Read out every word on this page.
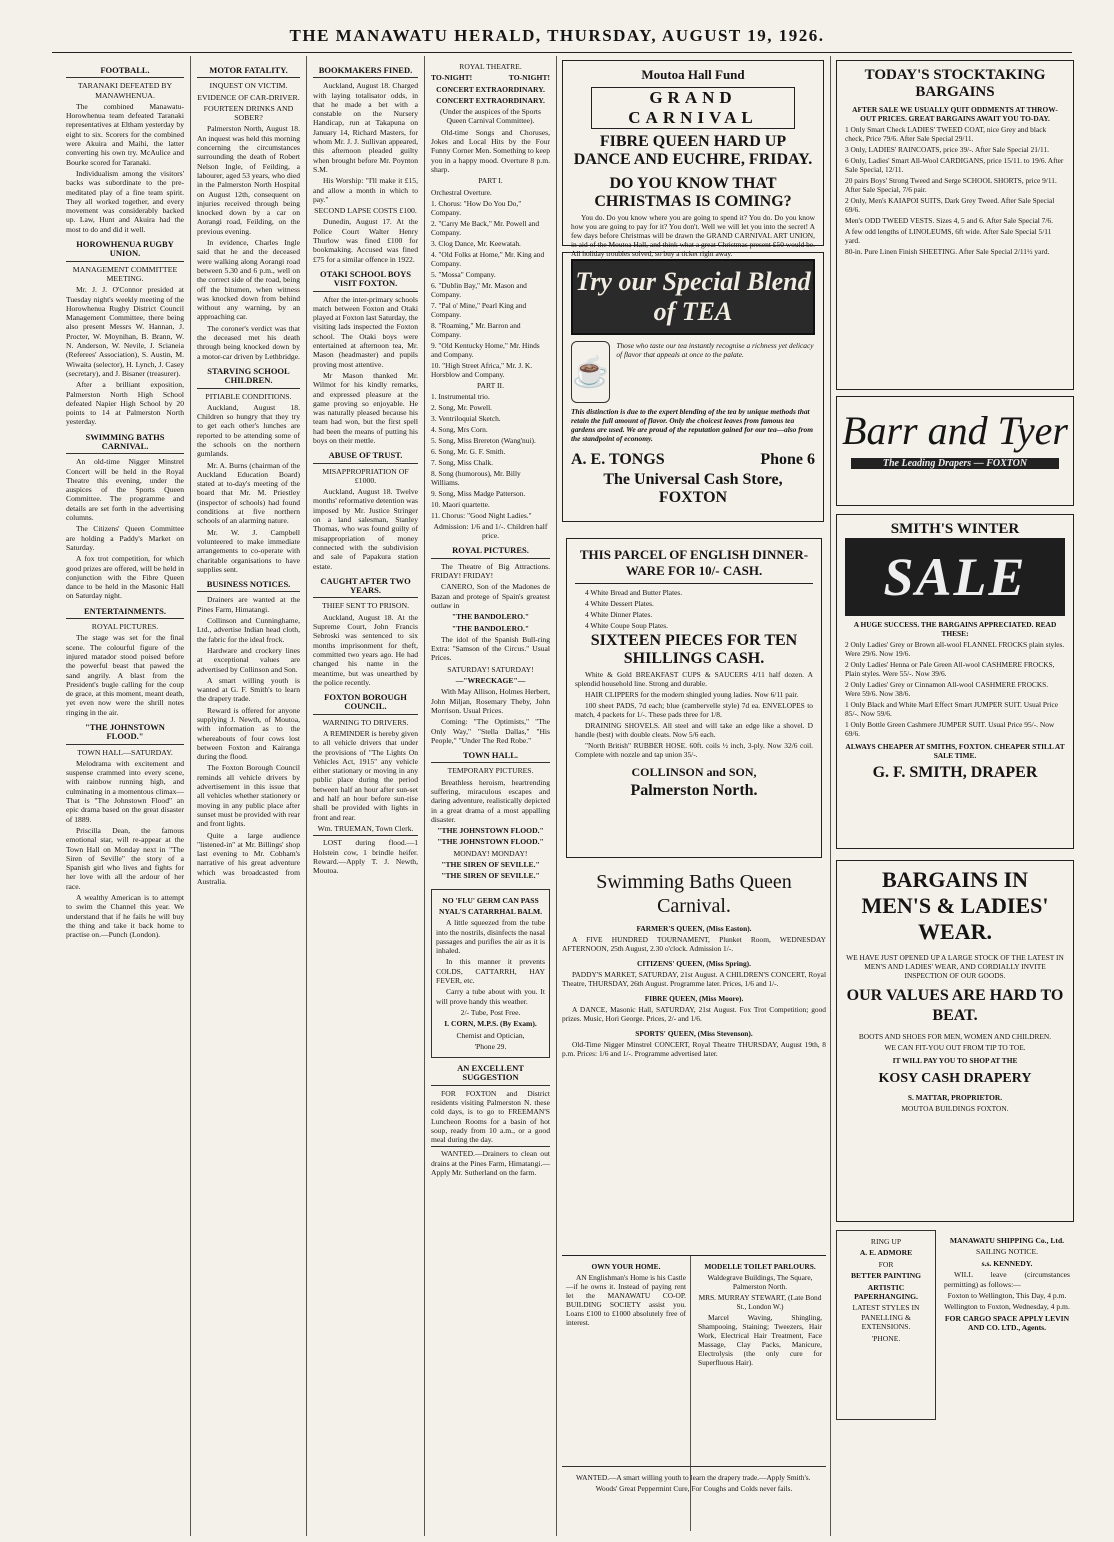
THE MANAWATU HERALD, THURSDAY, AUGUST 19, 1926.
FOOTBALL.
TARANAKI DEFEATED BY MANAWHENUA.
The combined Manawatu-Horowhenua team defeated Taranaki representatives at Eltham yesterday by eight to six. Scorers for the combined were Akuira and Maihi, the latter converting his own try. McAulice and Bourke scored for Taranaki.
Individualism among the visitors' backs was subordinate to the pre-meditated play of a fine team spirit. They all worked together, and every movement was considerably backed up. Law, Hunt and Akuira had the most to do and did it well.
HOROWHENUA RUGBY UNION.
MANAGEMENT COMMITTEE MEETING.
Mr. J. J. O'Connor presided at Tuesday night's weekly meeting of the Horowhenua Rugby District Council Management Committee, there being also present Messrs W. Hannan, J. Procter, W. Moynihan, B. Brann, W. N. Anderson, W. Nevile, J. Scianeia (Referees' Association), S. Austin, M. Wiwaita (selector), H. Lynch, J. Casey (secretary), and J. Bisaner (treasurer).
After a brilliant exposition, Palmerston North High School defeated Napier High School by 20 points to 14 at Palmerston North yesterday.
SWIMMING BATHS CARNIVAL.
An old-time Nigger Minstrel Concert will be held in the Royal Theatre this evening, under the auspices of the Sports Queen Committee. The programme and details are set forth in the advertising columns.
The Citizens' Queen Committee are holding a Paddy's Market on Saturday.
A fox trot competition, for which good prizes are offered, will be held in conjunction with the Fibre Queen dance to be held in the Masonic Hall on Saturday night.
ENTERTAINMENTS.
ROYAL PICTURES.
The stage was set for the final scene. The colourful figure of the injured matador stood poised before the powerful beast that pawed the sand angrily. A blast from the President's bugle calling for the coup de grace, at this moment, meant death, yet even now were the shrill notes ringing in the air.
"THE JOHNSTOWN FLOOD."
TOWN HALL—SATURDAY.
Melodrama with excitement and suspense crammed into every scene, with rainbow running high, and culminating in a momentous climax—That is "The Johnstown Flood" an epic drama based on the great disaster of 1889.
Priscilla Dean, the famous emotional star, will re-appear at the Town Hall on Monday next in "The Siren of Seville" the story of a Spanish girl who lives and fights for her love with all the ardour of her race.
A wealthy American is to attempt to swim the Channel this year. We understand that if he fails he will buy the thing and take it back home to practise on.—Punch (London).
MOTOR FATALITY.
INQUEST ON VICTIM.
EVIDENCE OF CAR-DRIVER.
FOURTEEN DRINKS AND SOBER?
Palmerston North, August 18. An inquest was held this morning concerning the circumstances surrounding the death of Robert Nelson Ingle, of Feilding, a labourer, aged 53 years, who died in the Palmerston North Hospital on August 12th, consequent on injuries received through being knocked down by a car on Aorangi road, Feilding, on the previous evening.
In evidence, Charles Ingle said that he and the deceased were walking along Aorangi road between 5.30 and 6 p.m., well on the correct side of the road, being off the bitumen, when witness was knocked down from behind without any warning, by an approaching car.
The coroner's verdict was that the deceased met his death through being knocked down by a motor-car driven by Lethbridge.
STARVING SCHOOL CHILDREN.
PITIABLE CONDITIONS.
Auckland, August 18. Children so hungry that they try to get each other's lunches are reported to be attending some of the schools on the northern gumlands.
Mr. A. Burns (chairman of the Auckland Education Board) stated at to-day's meeting of the board that Mr. M. Priestley (inspector of schools) had found conditions at five northern schools of an alarming nature.
Mr. W. J. Campbell volunteered to make immediate arrangements to co-operate with charitable organisations to have supplies sent.
BUSINESS NOTICES.
Drainers are wanted at the Pines Farm, Himatangi.
Collinson and Cunninghame, Ltd., advertise Indian head cloth, the fabric for the ideal frock.
Hardware and crockery lines at exceptional values are advertised by Collinson and Son.
A smart willing youth is wanted at G. F. Smith's to learn the drapery trade.
Reward is offered for anyone supplying J. Newth, of Moutoa, with information as to the whereabouts of four cows lost between Foxton and Kairanga during the flood.
The Foxton Borough Council reminds all vehicle drivers by advertisement in this issue that all vehicles whether stationery or moving in any public place after sunset must be provided with rear and front lights.
Quite a large audience "listened-in" at Mr. Billings' shop last evening to Mr. Cobham's narrative of his great adventure which was broadcasted from Australia.
BOOKMAKERS FINED.
Auckland, August 18. Charged with laying totalisator odds, in that he made a bet with a constable on the Nursery Handicap, run at Takapuna on January 14, Richard Masters, for whom Mr. J. J. Sullivan appeared, this afternoon pleaded guilty when brought before Mr. Poynton S.M.
His Worship: "I'll make it £15, and allow a month in which to pay."
SECOND LAPSE COSTS £100.
Dunedin, August 17. At the Police Court Walter Henry Thurlow was fined £100 for bookmaking. Accused was fined £75 for a similar offence in 1922.
OTAKI SCHOOL BOYS VISIT FOXTON.
After the inter-primary schools match between Foxton and Otaki played at Foxton last Saturday, the visiting lads inspected the Foxton school. The Otaki boys were entertained at afternoon tea, Mr. Mason (headmaster) and pupils proving most attentive.
Mr Mason thanked Mr. Wilmot for his kindly remarks, and expressed pleasure at the game proving so enjoyable. He was naturally pleased because his team had won, but the first spell had been the means of putting his boys on their mettle.
ABUSE OF TRUST.
MISAPPROPRIATION OF £1000.
Auckland, August 18. Twelve months' reformative detention was imposed by Mr. Justice Stringer on a land salesman, Stanley Thomas, who was found guilty of misappropriation of money connected with the subdivision and sale of Papakura station estate.
CAUGHT AFTER TWO YEARS.
THIEF SENT TO PRISON.
Auckland, August 18. At the Supreme Court, John Francis Sebroski was sentenced to six months imprisonment for theft, committed two years ago. He had changed his name in the meantime, but was unearthed by the police recently.
FOXTON BOROUGH COUNCIL.
WARNING TO DRIVERS.
A REMINDER is hereby given to all vehicle drivers that under the provisions of "The Lights On Vehicles Act, 1915" any vehicle either stationary or moving in any public place during the period between half an hour after sun-set and half an hour before sun-rise shall be provided with lights in front and rear.
Wm. TRUEMAN, Town Clerk.
LOST during flood.—1 Holstein cow, 1 brindle heifer. Reward.—Apply T. J. Newth, Moutoa.
ROYAL THEATRE.
TO-NIGHT!	TO-NIGHT!
CONCERT EXTRAORDINARY.
CONCERT EXTRAORDINARY.
(Under the auspices of the Sports Queen Carnival Committee).
Old-time Songs and Choruses, Jokes and Local Hits by the Four Funny Corner Men. Something to keep you in a happy mood. Overture 8 p.m. sharp.
PART I.
Orchestral Overture.
1. Chorus: "How Do You Do," Company.
2. "Carry Me Back," Mr. Powell and Company.
3. Clog Dance, Mr. Keewatah.
4. "Old Folks at Home," Mr. King and Company.
5. "Mossa" Company.
6. "Dublin Bay," Mr. Mason and Company.
7. "Pal o' Mine," Pearl King and Company.
8. "Roaming," Mr. Barron and Company.
9. "Old Kentucky Home," Mr. Hinds and Company.
10. "High Street Africa," Mr. J. K. Horsblow and Company.
PART II.
1. Instrumental trio.
2. Song, Mr. Powell.
3. Ventriloquial Sketch.
4. Song, Mrs Corn.
5. Song, Miss Brereton (Wang'nui).
6. Song, Mr. G. F. Smith.
7. Song, Miss Chalk.
8. Song (humorous), Mr. Billy Williams.
9. Song, Miss Madge Patterson.
10. Maori quartette.
11. Chorus: "Good Night Ladies."
Admission: 1/6 and 1/-. Children half price.
ROYAL PICTURES.
The Theatre of Big Attractions. FRIDAY! FRIDAY!
CANERO, Son of the Madones de Bazan and protege of Spain's greatest outlaw in
"THE BANDOLERO."
"THE BANDOLERO."
The idol of the Spanish Bull-ring Extra: "Samson of the Circus." Usual Prices.
SATURDAY! SATURDAY!
—"WRECKAGE"—
With May Allison, Holmes Herbert, John Miljan, Rosemary Theby, John Morrison. Usual Prices.
Coming: "The Optimists," "The Only Way," "Stella Dallas," "His People," "Under The Red Robe."
TOWN HALL.
TEMPORARY PICTURES.
Breathless heroism, heartrending suffering, miraculous escapes and daring adventure, realistically depicted in a great drama of a most appalling disaster.
"THE JOHNSTOWN FLOOD."
"THE JOHNSTOWN FLOOD."
MONDAY! MONDAY!
"THE SIREN OF SEVILLE."
"THE SIREN OF SEVILLE."
NO 'FLU' GERM CAN PASS
NYAL'S CATARRHAL BALM.
A little squeezed from the tube into the nostrils, disinfects the nasal passages and purifies the air as it is inhaled.
In this manner it prevents COLDS, CATTARRH, HAY FEVER, etc.
Carry a tube about with you. It will prove handy this weather.
2/- Tube, Post Free.
I. CORN, M.P.S. (By Exam).
Chemist and Optician,
'Phone 29.
AN EXCELLENT SUGGESTION
FOR FOXTON and District residents visiting Palmerston N. these cold days, is to go to FREEMAN'S Luncheon Rooms for a basin of hot soup, ready from 10 a.m., or a good meal during the day.
WANTED.—Drainers to clean out drains at the Pines Farm, Himatangi.—Apply Mr. Sutherland on the farm.
Moutoa Hall Fund
GRAND CARNIVAL
FIBRE QUEEN HARD UP DANCE AND EUCHRE, FRIDAY.
DO YOU KNOW THAT CHRISTMAS IS COMING?
You do. Do you know where you are going to spend it? You do. Do you know how you are going to pay for it? You don't. Well we will let you into the secret! A few days before Christmas will be drawn the GRAND CARNIVAL ART UNION, in aid of the Moutoa Hall, and think what a great Christmas present £50 would be. All holiday troubles solved, so buy a ticket right away.
Try our Special Blend of TEA
☕
Those who taste our tea instantly recognise a richness yet delicacy of flavor that appeals at once to the palate.
This distinction is due to the expert blending of the tea by unique methods that retain the full amount of flavor. Only the choicest leaves from famous tea gardens are used. We are proud of the reputation gained for our tea—also from the standpoint of economy.
A. E. TONGS	Phone 6
The Universal Cash Store, FOXTON
THIS PARCEL OF ENGLISH DINNER-WARE FOR 10/- CASH.
4 White Bread and Butter Plates.
4 White Dessert Plates.
4 White Dinner Plates.
4 White Coupe Soup Plates.
SIXTEEN PIECES FOR TEN SHILLINGS CASH.
White & Gold BREAKFAST CUPS & SAUCERS 4/11 half dozen. A splendid household line. Strong and durable.
HAIR CLIPPERS for the modern shingled young ladies. Now 6/11 pair.
100 sheet PADS, 7d each; blue (cambervelle style) 7d ea. ENVELOPES to match, 4 packets for 1/-. These pads three for 1/8.
DRAINING SHOVELS. All steel and will take an edge like a shovel. D handle (best) with double cleats. Now 5/6 each.
"North British" RUBBER HOSE. 60ft. coils ½ inch, 3-ply. Now 32/6 coil. Complete with nozzle and tap union 35/-.
COLLINSON and SON,
Palmerston North.
Swimming Baths Queen Carnival.
FARMER'S QUEEN, (Miss Easton).
A FIVE HUNDRED TOURNAMENT, Plunket Room, WEDNESDAY AFTERNOON, 25th August, 2.30 o'clock. Admission 1/-.
CITIZENS' QUEEN, (Miss Spring).
PADDY'S MARKET, SATURDAY, 21st August. A CHILDREN'S CONCERT, Royal Theatre, THURSDAY, 26th August. Programme later. Prices, 1/6 and 1/-.
FIBRE QUEEN, (Miss Moore).
A DANCE, Masonic Hall, SATURDAY, 21st August. Fox Trot Competition; good prizes. Music, Hori George. Prices, 2/- and 1/6.
SPORTS' QUEEN, (Miss Stevenson).
Old-Time Nigger Minstrel CONCERT, Royal Theatre THURSDAY, August 19th, 8 p.m. Prices: 1/6 and 1/-. Programme advertised later.
OWN YOUR HOME.
AN Englishman's Home is his Castle—if he owns it. Instead of paying rent let the MANAWATU CO-OP. BUILDING SOCIETY assist you. Loans £100 to £1000 absolutely free of interest.
MODELLE TOILET PARLOURS.
Waldegrave Buildings, The Square, Palmerston North.
MRS. MURRAY STEWART, (Late Bond St., London W.)
Marcel Waving, Shingling, Shampooing, Staining; Tweezers, Hair Work, Electrical Hair Treatment, Face Massage, Clay Packs, Manicure, Electrolysis (the only cure for Superfluous Hair).
WANTED.—A smart willing youth to learn the drapery trade.—Apply Smith's.
Woods' Great Peppermint Cure, For Coughs and Colds never fails.
TODAY'S STOCKTAKING BARGAINS
AFTER SALE WE USUALLY QUIT ODDMENTS AT THROW-OUT PRICES. GREAT BARGAINS AWAIT YOU TO-DAY.
1 Only Smart Check LADIES' TWEED COAT, nice Grey and black check, Price 79/6. After Sale Special 29/11.
3 Only, LADIES' RAINCOATS, price 39/-. After Sale Special 21/11.
6 Only, Ladies' Smart All-Wool CARDIGANS, price 15/11. to 19/6. After Sale Special, 12/11.
20 pairs Boys' Strong Tweed and Serge SCHOOL SHORTS, price 9/11. After Sale Special, 7/6 pair.
2 Only, Men's KAIAPOI SUITS, Dark Grey Tweed. After Sale Special 69/6.
Men's ODD TWEED VESTS. Sizes 4, 5 and 6. After Sale Special 7/6.
A few odd lengths of LINOLEUMS, 6ft wide. After Sale Special 5/11 yard.
80-in. Pure Linen Finish SHEETING. After Sale Special 2/11½ yard.
Barr and Tyer
The Leading Drapers — FOXTON
SMITH'S WINTER
SALE
A HUGE SUCCESS. THE BARGAINS APPRECIATED. READ THESE:
2 Only Ladies' Grey or Brown all-wool FLANNEL FROCKS plain styles. Were 29/6. Now 19/6.
2 Only Ladies' Henna or Pale Green All-wool CASHMERE FROCKS, Plain styles. Were 55/-. Now 39/6.
2 Only Ladies' Grey or Cinnamon All-wool CASHMERE FROCKS. Were 59/6. Now 38/6.
1 Only Black and White Marl Effect Smart JUMPER SUIT. Usual Price 85/-. Now 59/6.
1 Only Bottle Green Cashmere JUMPER SUIT. Usual Price 95/-. Now 69/6.
ALWAYS CHEAPER AT SMITHS, FOXTON. CHEAPER STILL AT SALE TIME.
G. F. SMITH, DRAPER
BARGAINS IN MEN'S & LADIES' WEAR.
WE HAVE JUST OPENED UP A LARGE STOCK OF THE LATEST IN MEN'S AND LADIES' WEAR, AND CORDIALLY INVITE INSPECTION OF OUR GOODS.
OUR VALUES ARE HARD TO BEAT.
BOOTS AND SHOES FOR MEN, WOMEN AND CHILDREN.
WE CAN FIT-YOU OUT FROM TIP TO TOE.
IT WILL PAY YOU TO SHOP AT THE
KOSY CASH DRAPERY
S. MATTAR, PROPRIETOR.
MOUTOA BUILDINGS FOXTON.
RING UP
A. E. ADMORE
FOR
BETTER PAINTING
ARTISTIC PAPERHANGING.
LATEST STYLES IN PANELLING & EXTENSIONS.
'PHONE.
MANAWATU SHIPPING Co., Ltd.
SAILING NOTICE.
s.s. KENNEDY.
WILL leave (circumstances permitting) as follows:—
Foxton to Wellington, This Day, 4 p.m.
Wellington to Foxton, Wednesday, 4 p.m.
FOR CARGO SPACE APPLY LEVIN AND CO. LTD., Agents.
